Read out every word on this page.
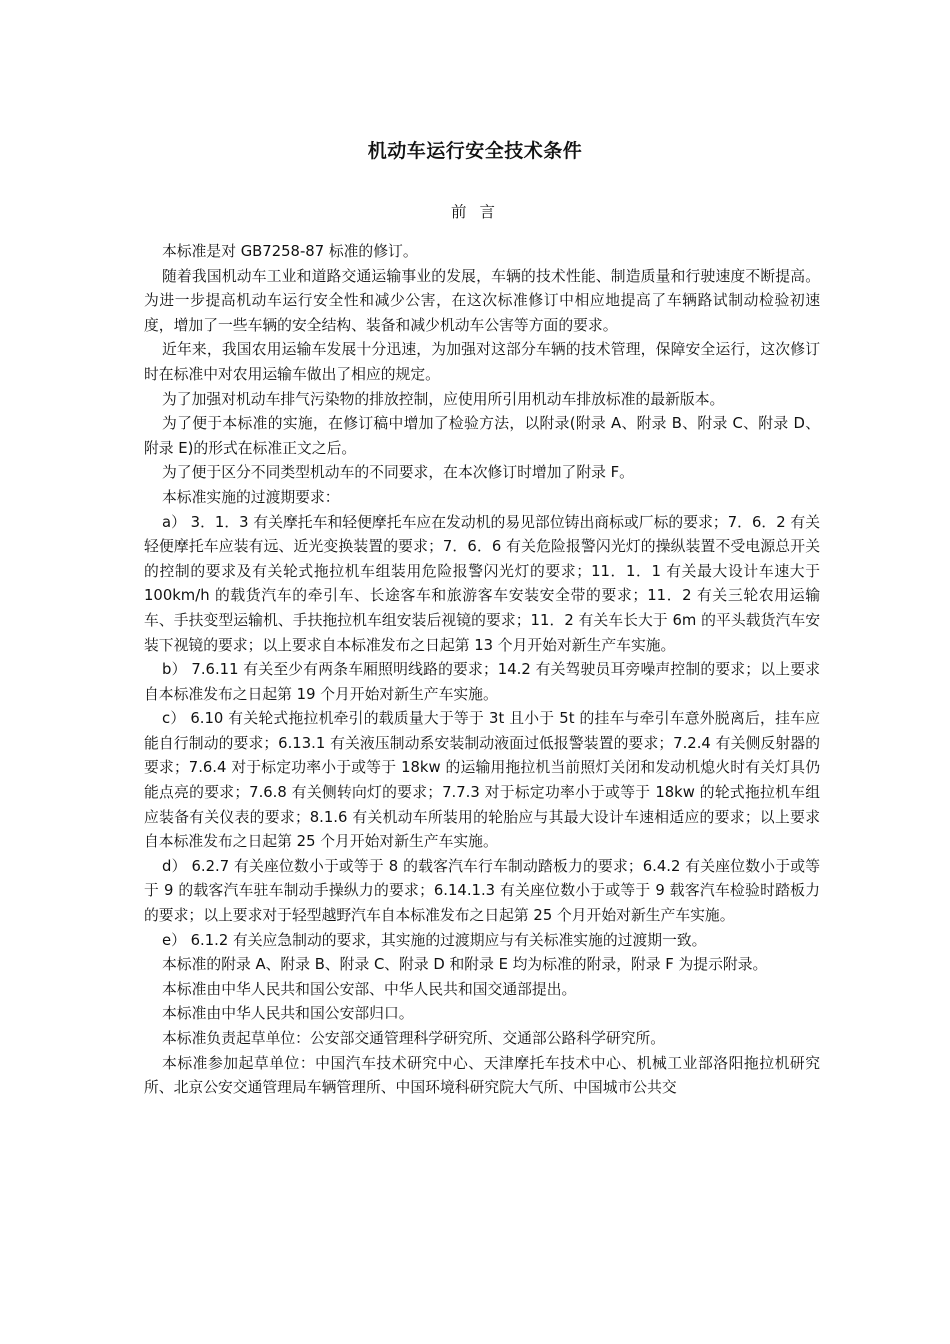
机动车运行安全技术条件
前 言

本标准是对 GB7258-87 标准的修订。

随着我国机动车工业和道路交通运输事业的发展，车辆的技术性能、制造质量和行驶速度不断提高。为进一步提高机动车运行安全性和减少公害，在这次标准修订中相应地提高了车辆路试制动检验初速度，增加了一些车辆的安全结构、装备和减少机动车公害等方面的要求。

近年来，我国农用运输车发展十分迅速，为加强对这部分车辆的技术管理，保障安全运行，这次修订时在标准中对农用运输车做出了相应的规定。

为了加强对机动车排气污染物的排放控制，应使用所引用机动车排放标准的最新版本。

为了便于本标准的实施，在修订稿中增加了检验方法，以附录(附录 A、附录 B、附录 C、附录 D、附录 E)的形式在标准正文之后。

为了便于区分不同类型机动车的不同要求，在本次修订时增加了附录 F。

本标准实施的过渡期要求：

a） 3．1．3 有关摩托车和轻便摩托车应在发动机的易见部位铸出商标或厂标的要求；7．6．2 有关轻便摩托车应装有远、近光变换装置的要求；7．6．6 有关危险报警闪光灯的操纵装置不受电源总开关的控制的要求及有关轮式拖拉机车组装用危险报警闪光灯的要求；11．1．1 有关最大设计车速大于 100km/h 的载货汽车的牵引车、长途客车和旅游客车安装安全带的要求；11．2 有关三轮农用运输车、手扶变型运输机、手扶拖拉机车组安装后视镜的要求；11．2 有关车长大于 6m 的平头载货汽车安装下视镜的要求；以上要求自本标准发布之日起第 13 个月开始对新生产车实施。

b） 7.6.11 有关至少有两条车厢照明线路的要求；14.2 有关驾驶员耳旁噪声控制的要求；以上要求自本标准发布之日起第 19 个月开始对新生产车实施。

c） 6.10 有关轮式拖拉机牵引的载质量大于等于 3t 且小于 5t 的挂车与牵引车意外脱离后，挂车应能自行制动的要求；6.13.1 有关液压制动系安装制动液面过低报警装置的要求；7.2.4 有关侧反射器的要求；7.6.4 对于标定功率小于或等于 18kw 的运输用拖拉机当前照灯关闭和发动机熄火时有关灯具仍能点亮的要求；7.6.8 有关侧转向灯的要求；7.7.3 对于标定功率小于或等于 18kw 的轮式拖拉机车组应装备有关仪表的要求；8.1.6 有关机动车所装用的轮胎应与其最大设计车速相适应的要求；以上要求自本标准发布之日起第 25 个月开始对新生产车实施。

d） 6.2.7 有关座位数小于或等于 8 的载客汽车行车制动踏板力的要求；6.4.2 有关座位数小于或等于 9 的载客汽车驻车制动手操纵力的要求；6.14.1.3 有关座位数小于或等于 9 载客汽车检验时踏板力的要求；以上要求对于轻型越野汽车自本标准发布之日起第 25 个月开始对新生产车实施。

e） 6.1.2 有关应急制动的要求，其实施的过渡期应与有关标准实施的过渡期一致。

本标准的附录 A、附录 B、附录 C、附录 D 和附录 E 均为标准的附录，附录 F 为提示附录。

本标准由中华人民共和国公安部、中华人民共和国交通部提出。

本标准由中华人民共和国公安部归口。

本标准负责起草单位：公安部交通管理科学研究所、交通部公路科学研究所。

本标准参加起草单位：中国汽车技术研究中心、天津摩托车技术中心、机械工业部洛阳拖拉机研究所、北京公安交通管理局车辆管理所、中国环境科研究院大气所、中国城市公共交
